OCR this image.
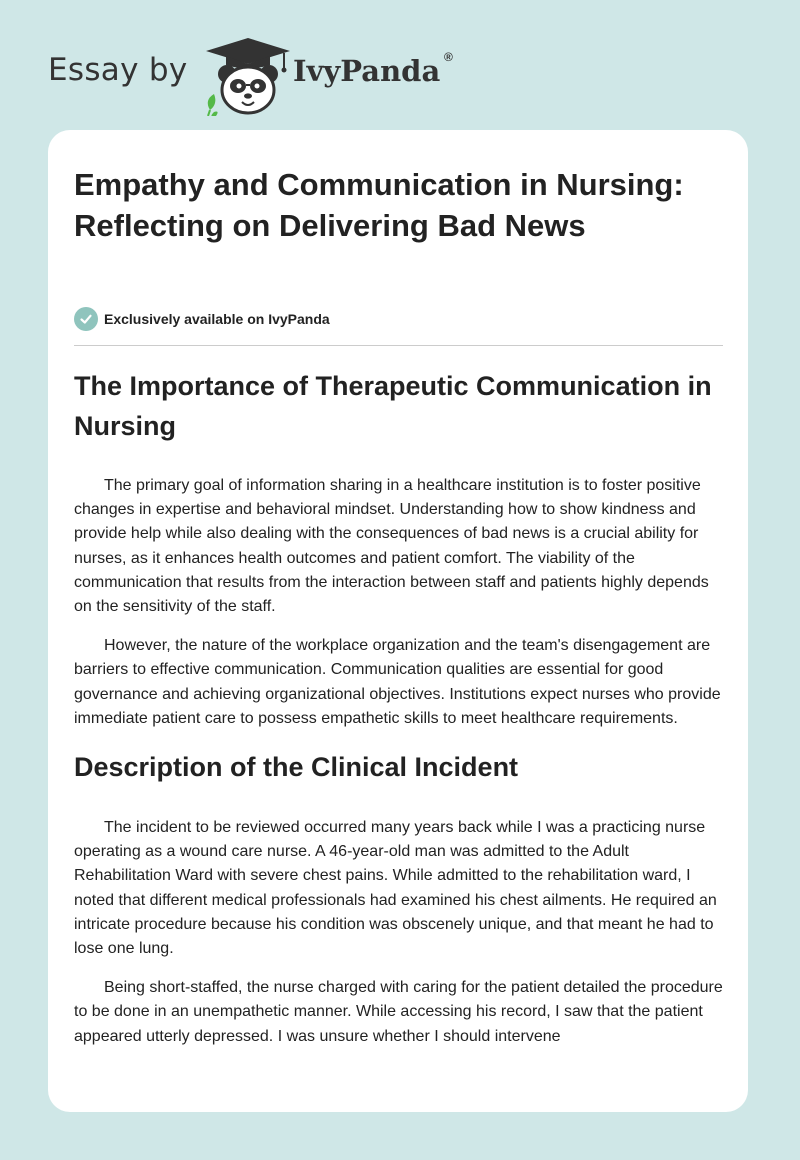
Essay by	IvyPanda ®
Empathy and Communication in Nursing: Reflecting on Delivering Bad News
Exclusively available on IvyPanda
The Importance of Therapeutic Communication in Nursing

The primary goal of information sharing in a healthcare institution is to foster positive changes in expertise and behavioral mindset. Understanding how to show kindness and provide help while also dealing with the consequences of bad news is a crucial ability for nurses, as it enhances health outcomes and patient comfort. The viability of the communication that results from the interaction between staff and patients highly depends on the sensitivity of the staff.

However, the nature of the workplace organization and the team's disengagement are barriers to effective communication. Communication qualities are essential for good governance and achieving organizational objectives. Institutions expect nurses who provide immediate patient care to possess empathetic skills to meet healthcare requirements.

Description of the Clinical Incident

The incident to be reviewed occurred many years back while I was a practicing nurse operating as a wound care nurse. A 46-year-old man was admitted to the Adult Rehabilitation Ward with severe chest pains. While admitted to the rehabilitation ward, I noted that different medical professionals had examined his chest ailments. He required an intricate procedure because his condition was obscenely unique, and that meant he had to lose one lung.

Being short-staffed, the nurse charged with caring for the patient detailed the procedure to be done in an unempathetic manner. While accessing his record, I saw that the patient appeared utterly depressed. I was unsure whether I should intervene
